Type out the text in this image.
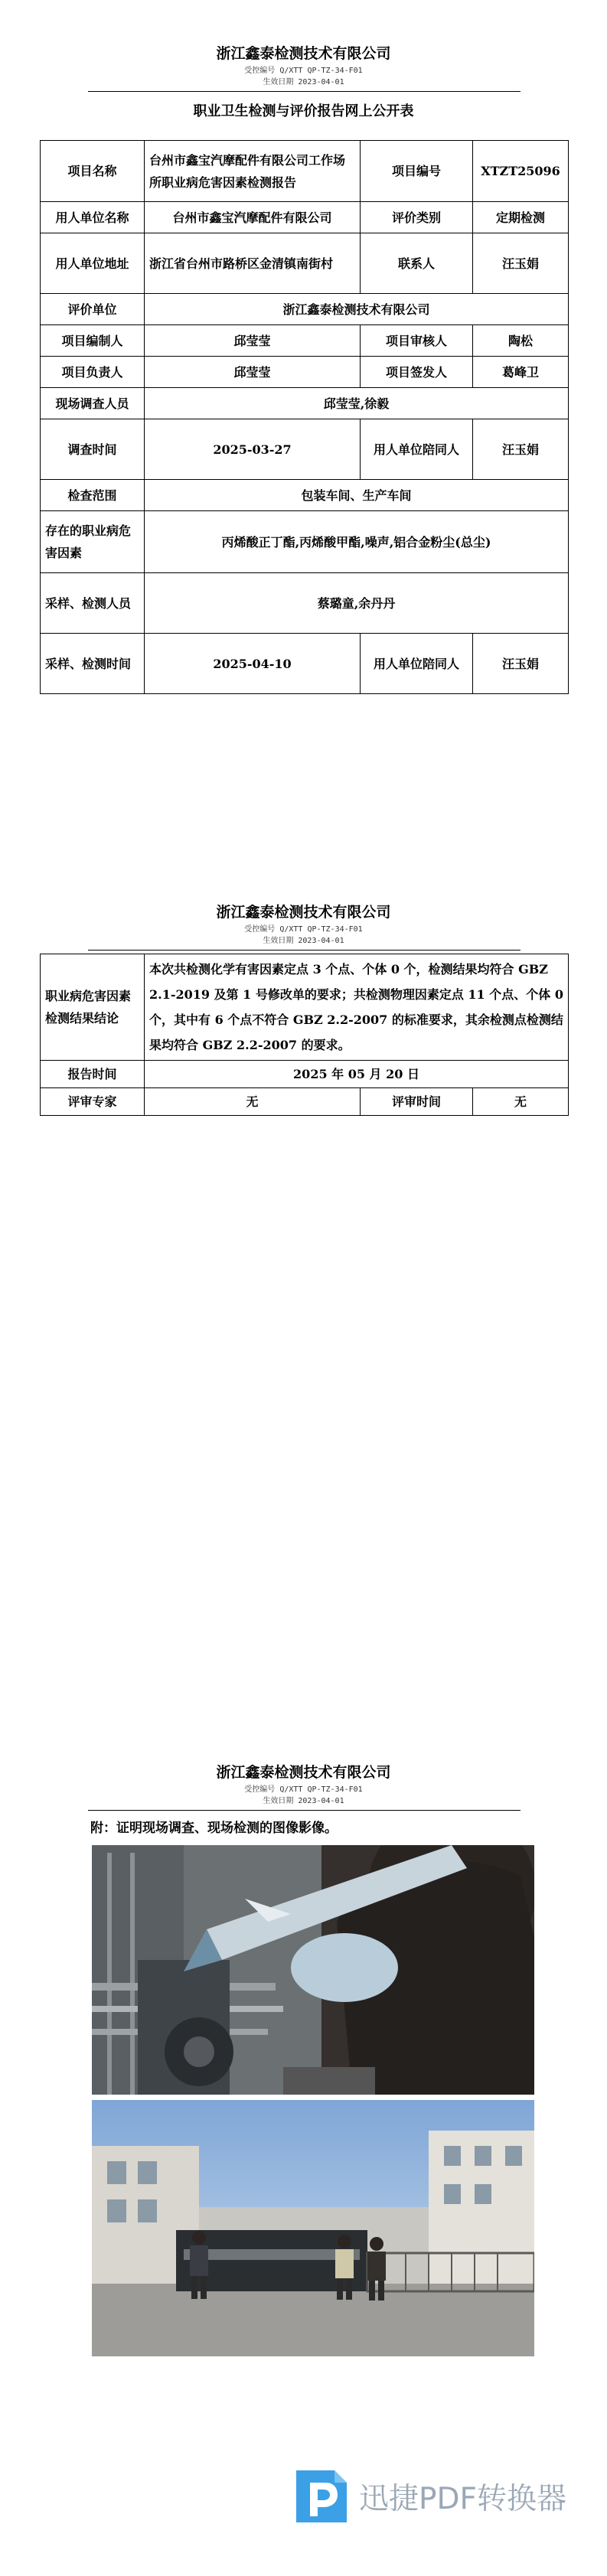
浙江鑫泰检测技术有限公司
受控编号 Q/XTT QP-TZ-34-F01
生效日期 2023-04-01
职业卫生检测与评价报告网上公开表
项目名称	台州市鑫宝汽摩配件有限公司工作场所职业病危害因素检测报告	项目编号	XTZT25096
用人单位名称	台州市鑫宝汽摩配件有限公司	评价类别	定期检测
用人单位地址	浙江省台州市路桥区金清镇南街村	联系人	汪玉娟
评价单位	浙江鑫泰检测技术有限公司		
项目编制人	邱莹莹	项目审核人	陶松
项目负责人	邱莹莹	项目签发人	葛峰卫
现场调查人员	邱莹莹,徐毅		
调查时间	2025-03-27	用人单位陪同人	汪玉娟
检查范围	包装车间、生产车间		
存在的职业病危害因素	丙烯酸正丁酯,丙烯酸甲酯,噪声,铝合金粉尘(总尘)		
采样、检测人员	蔡璐童,余丹丹		
采样、检测时间	2025-04-10	用人单位陪同人	汪玉娟
浙江鑫泰检测技术有限公司
受控编号 Q/XTT QP-TZ-34-F01
生效日期 2023-04-01
职业病危害因素检测结果结论	本次共检测化学有害因素定点 3 个点、个体 0 个，检测结果均符合 GBZ 2.1-2019 及第 1 号修改单的要求；共检测物理因素定点 11 个点、个体 0 个，其中有 6 个点不符合 GBZ 2.2-2007 的标准要求，其余检测点检测结果均符合 GBZ 2.2-2007 的要求。		
报告时间	2025 年 05 月 20 日		
评审专家	无	评审时间	无
浙江鑫泰检测技术有限公司
受控编号 Q/XTT QP-TZ-34-F01
生效日期 2023-04-01
附：证明现场调查、现场检测的图像影像。
迅捷PDF转换器
